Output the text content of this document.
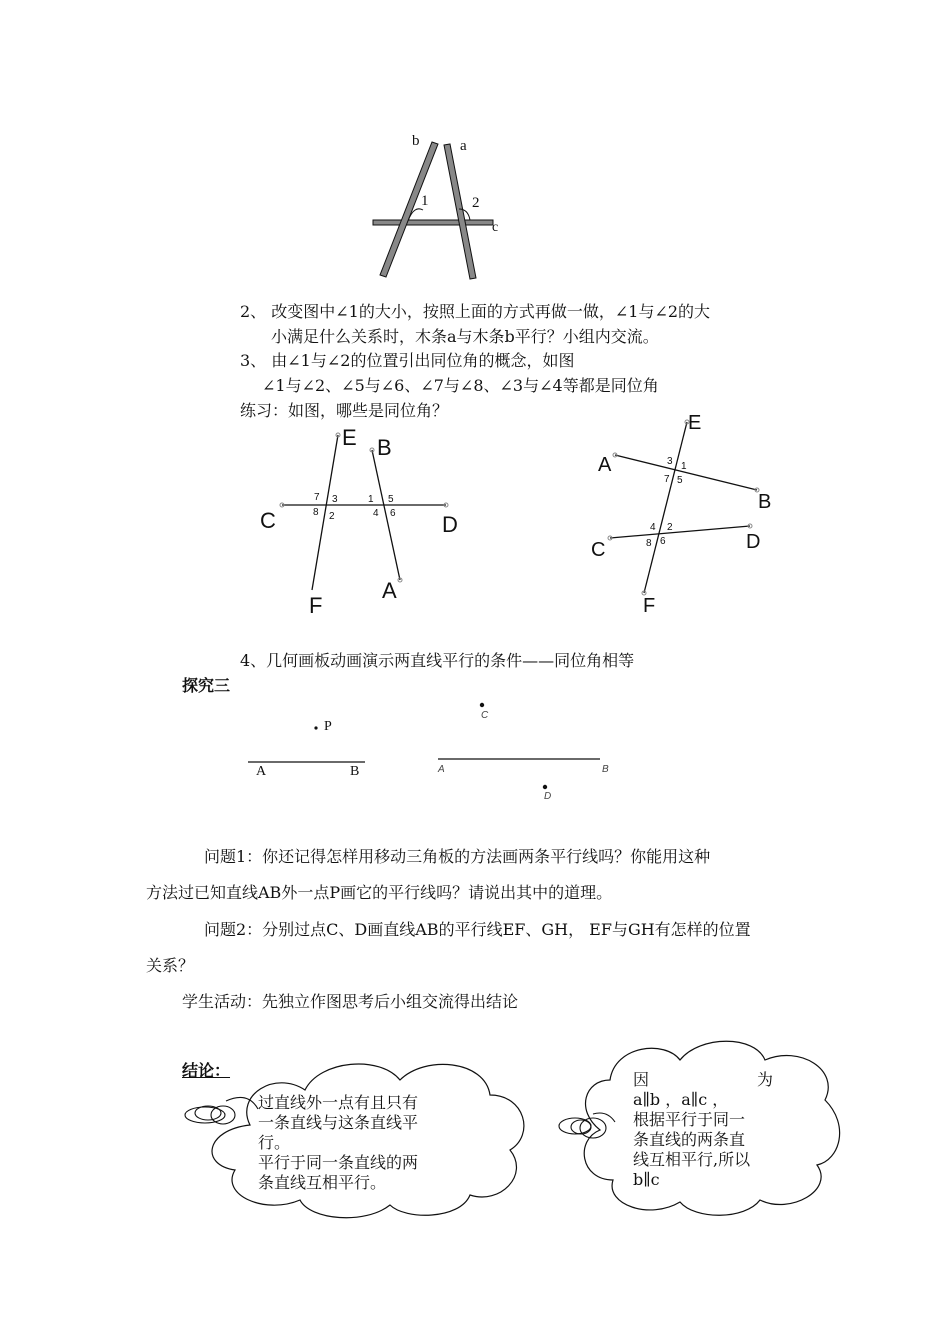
b	a
1	2
c
2、 改变图中∠1的大小，按照上面的方式再做一做，∠1与∠2的大
小满足什么关系时，木条a与木条b平行？小组内交流。
3、 由∠1与∠2的位置引出同位角的概念，如图
∠1与∠2、∠5与∠6、∠7与∠8、∠3与∠4等都是同位角
练习：如图，哪些是同位角？
E B
C	D
F
A
7 3	1 5
8 2	4 6
E
A
B
C	D
F
3 1
7 5
4 2
8 6
4、几何画板动画演示两直线平行的条件——同位角相等
探究三
P
A	B
C
A	B
D
问题1：你还记得怎样用移动三角板的方法画两条平行线吗？你能用这种
方法过已知直线AB外一点P画它的平行线吗？请说出其中的道理。
问题2：分别过点C、D画直线AB的平行线EF、GH， EF与GH有怎样的位置
关系？
学生活动：先独立作图思考后小组交流得出结论
结论：
过直线外一点有且只有
一条直线与这条直线平
行。
平行于同一条直线的两
条直线互相平行。
因	为
a∥b ，a∥c ，
根据平行于同一
条直线的两条直
线互相平行,所以
b∥c
